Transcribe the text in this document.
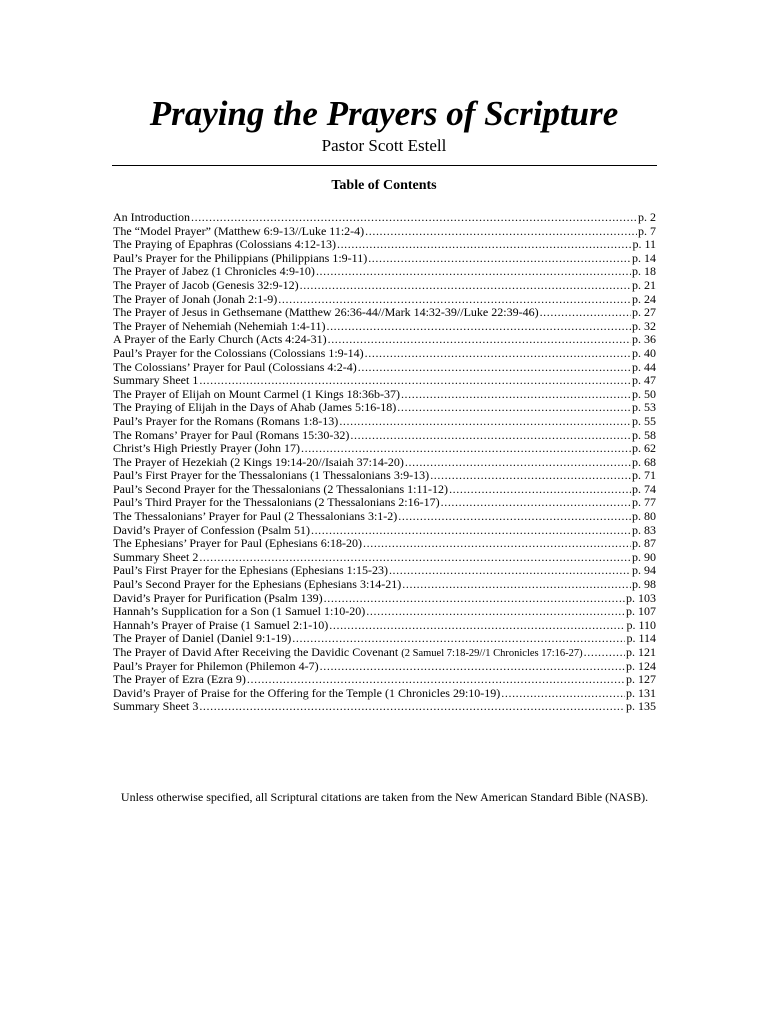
Praying the Prayers of Scripture
Pastor Scott Estell
Table of Contents
An Introduction .....	p. 2
The “Model Prayer” (Matthew 6:9-13//Luke 11:2-4) .....	p. 7
The Praying of Epaphras (Colossians 4:12-13) .....	p. 11
Paul’s Prayer for the Philippians (Philippians 1:9-11) .....	p. 14
The Prayer of Jabez (1 Chronicles 4:9-10) .....	p. 18
The Prayer of Jacob (Genesis 32:9-12) .....	p. 21
The Prayer of Jonah (Jonah 2:1-9) .....	p. 24
The Prayer of Jesus in Gethsemane (Matthew 26:36-44//Mark 14:32-39//Luke 22:39-46) .....	p. 27
The Prayer of Nehemiah (Nehemiah 1:4-11) .....	p. 32
A Prayer of the Early Church (Acts 4:24-31) .....	p. 36
Paul’s Prayer for the Colossians (Colossians 1:9-14) .....	p. 40
The Colossians’ Prayer for Paul (Colossians 4:2-4) .....	p. 44
Summary Sheet 1 .....	p. 47
The Prayer of Elijah on Mount Carmel (1 Kings 18:36b-37) .....	p. 50
The Praying of Elijah in the Days of Ahab (James 5:16-18) .....	p. 53
Paul’s Prayer for the Romans (Romans 1:8-13) .....	p. 55
The Romans’ Prayer for Paul (Romans 15:30-32) .....	p. 58
Christ’s High Priestly Prayer (John 17) .....	p. 62
The Prayer of Hezekiah (2 Kings 19:14-20//Isaiah 37:14-20) .....	p. 68
Paul’s First Prayer for the Thessalonians (1 Thessalonians 3:9-13) .....	p. 71
Paul’s Second Prayer for the Thessalonians (2 Thessalonians 1:11-12) .....	p. 74
Paul’s Third Prayer for the Thessalonians (2 Thessalonians 2:16-17) .....	p. 77
The Thessalonians’ Prayer for Paul (2 Thessalonians 3:1-2) .....	p. 80
David’s Prayer of Confession (Psalm 51) .....	p. 83
The Ephesians’ Prayer for Paul (Ephesians 6:18-20) .....	p. 87
Summary Sheet 2 .....	p. 90
Paul’s First Prayer for the Ephesians (Ephesians 1:15-23) .....	p. 94
Paul’s Second Prayer for the Ephesians (Ephesians 3:14-21) .....	p. 98
David’s Prayer for Purification (Psalm 139) .....	p. 103
Hannah’s Supplication for a Son (1 Samuel 1:10-20) .....	p. 107
Hannah’s Prayer of Praise (1 Samuel 2:1-10) .....	p. 110
The Prayer of Daniel (Daniel 9:1-19) .....	p. 114
The Prayer of David After Receiving the Davidic Covenant (2 Samuel 7:18-29//1 Chronicles 17:16-27) .....	p. 121
Paul’s Prayer for Philemon (Philemon 4-7) .....	p. 124
The Prayer of Ezra (Ezra 9) .....	p. 127
David’s Prayer of Praise for the Offering for the Temple (1 Chronicles 29:10-19) .....	p. 131
Summary Sheet 3 .....	p. 135
Unless otherwise specified, all Scriptural citations are taken from the New American Standard Bible (NASB).
